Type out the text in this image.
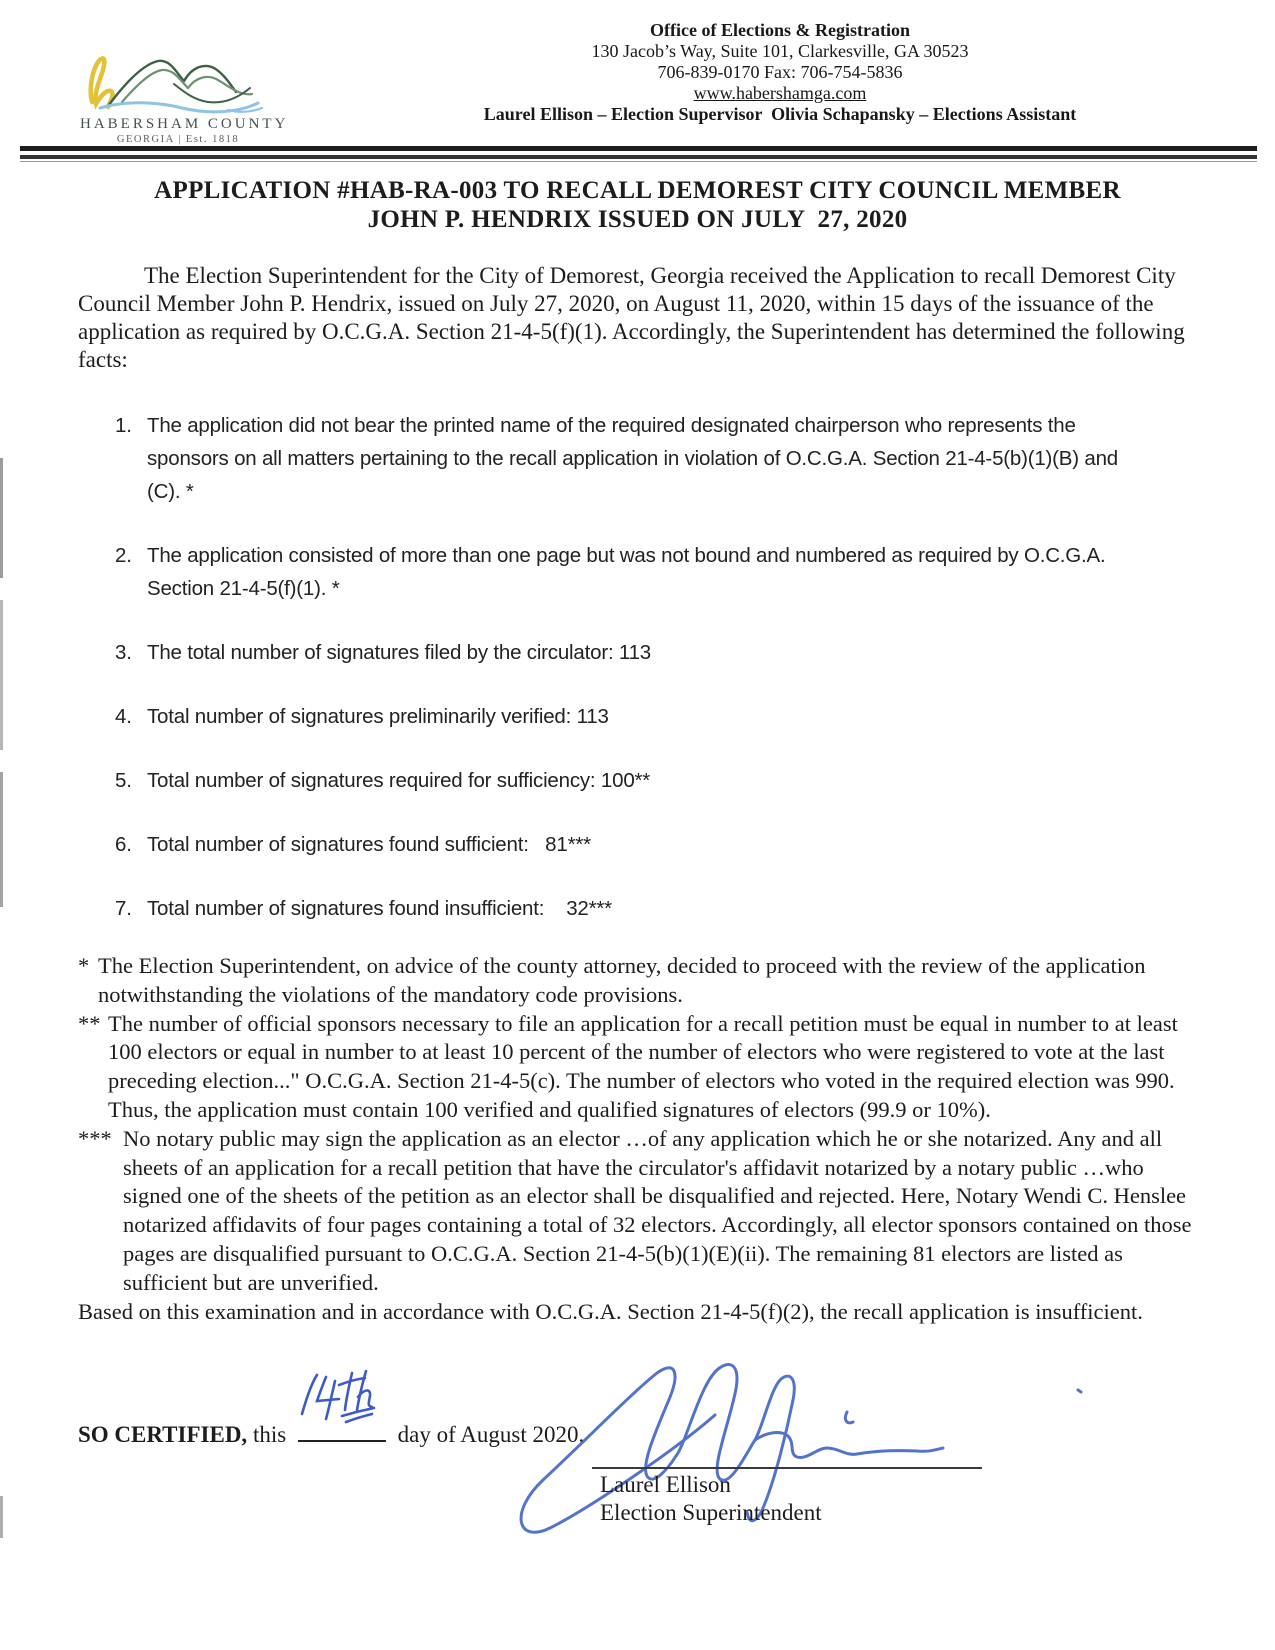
HABERSHAM COUNTY
GEORGIA | Est. 1818
Office of Elections & Registration
130 Jacob’s Way, Suite 101, Clarkesville, GA 30523
706-839-0170 Fax: 706-754-5836
www.habershamga.com
Laurel Ellison – Election Supervisor  Olivia Schapansky – Elections Assistant
APPLICATION #HAB-RA-003 TO RECALL DEMOREST CITY COUNCIL MEMBER
JOHN P. HENDRIX ISSUED ON JULY  27, 2020

The Election Superintendent for the City of Demorest, Georgia received the Application to recall Demorest City Council Member John P. Hendrix, issued on July 27, 2020, on August 11, 2020, within 15 days of the issuance of the application as required by O.C.G.A. Section 21-4-5(f)(1). Accordingly, the Superintendent has determined the following facts:

1. The application did not bear the printed name of the required designated chairperson who represents the sponsors on all matters pertaining to the recall application in violation of O.C.G.A. Section 21-4-5(b)(1)(B) and (C). *
2. The application consisted of more than one page but was not bound and numbered as required by O.C.G.A. Section 21-4-5(f)(1). *
3. The total number of signatures filed by the circulator: 113
4. Total number of signatures preliminarily verified: 113
5. Total number of signatures required for sufficiency: 100**
6. Total number of signatures found sufficient:   81***
7. Total number of signatures found insufficient:    32***

* The Election Superintendent, on advice of the county attorney, decided to proceed with the review of the application notwithstanding the violations of the mandatory code provisions.

** The number of official sponsors necessary to file an application for a recall petition must be equal in number to at least 100 electors or equal in number to at least 10 percent of the number of electors who were registered to vote at the last preceding election..." O.C.G.A. Section 21-4-5(c). The number of electors who voted in the required election was 990. Thus, the application must contain 100 verified and qualified signatures of electors (99.9 or 10%).

*** No notary public may sign the application as an elector …of any application which he or she notarized. Any and all sheets of an application for a recall petition that have the circulator's affidavit notarized by a notary public …who signed one of the sheets of the petition as an elector shall be disqualified and rejected. Here, Notary Wendi C. Henslee notarized affidavits of four pages containing a total of 32 electors. Accordingly, all elector sponsors contained on those pages are disqualified pursuant to O.C.G.A. Section 21-4-5(b)(1)(E)(ii). The remaining 81 electors are listed as sufficient but are unverified.

Based on this examination and in accordance with O.C.G.A. Section 21-4-5(f)(2), the recall application is insufficient.

SO CERTIFIED, this	day of August 2020.
Laurel Ellison
Election Superintendent
